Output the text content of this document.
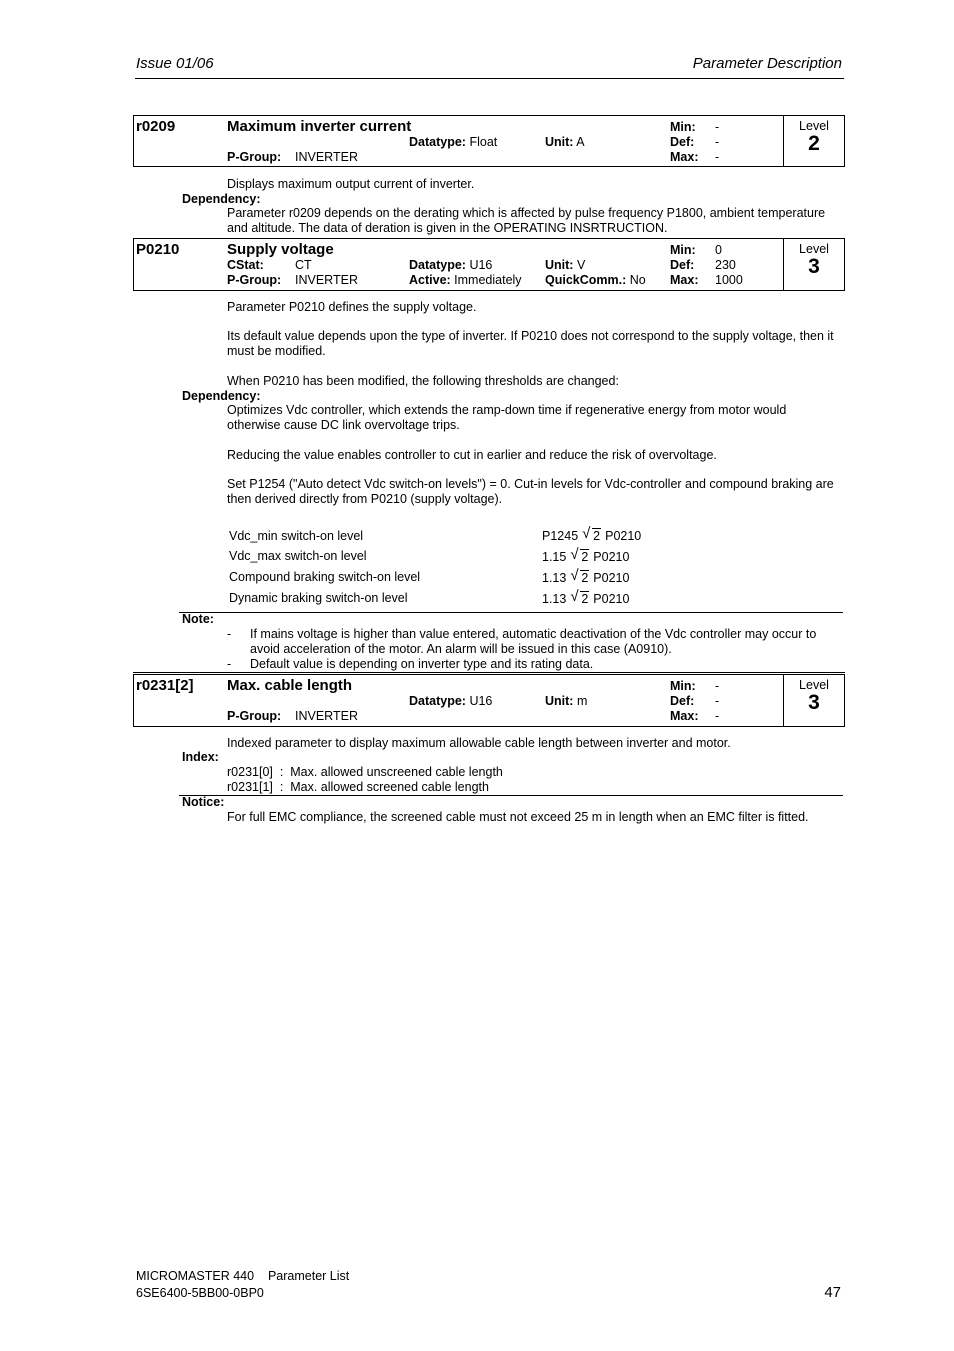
Issue 01/06	Parameter Description
Level
2
r0209	Maximum inverter current
Datatype: Float	Unit: A
Min: -
Def: -
Max: -
P-Group: INVERTER
Displays maximum output current of inverter.
Dependency:
Parameter r0209 depends on the derating which is affected by pulse frequency P1800, ambient temperature and altitude. The data of deration is given in the OPERATING INSRTRUCTION.
Level
3
P0210	Supply voltage
CStat: CT	Datatype: U16	Unit: V
Min: 0
Def: 230
Max: 1000
P-Group: INVERTER	Active: Immediately QuickComm.: No
Parameter P0210 defines the supply voltage.
Its default value depends upon the type of inverter. If P0210 does not correspond to the supply voltage, then it must be modified.
When P0210 has been modified, the following thresholds are changed:
Dependency:
Optimizes Vdc controller, which extends the ramp-down time if regenerative energy from motor would otherwise cause DC link overvoltage trips.
Reducing the value enables controller to cut in earlier and reduce the risk of overvoltage.
Set P1254 ("Auto detect Vdc switch-on levels") = 0. Cut-in levels for Vdc-controller and compound braking are then derived directly from P0210 (supply voltage).
Vdc_min switch-on level	P1245 √ 2 P0210
Vdc_max switch-on level	1.15 √ 2 P0210
Compound braking switch-on level	1.13 √ 2 P0210
Dynamic braking switch-on level	1.13 √ 2 P0210
Note:
- If mains voltage is higher than value entered, automatic deactivation of the Vdc controller may occur to avoid acceleration of the motor. An alarm will be issued in this case (A0910).
- Default value is depending on inverter type and its rating data.
Level
3
r0231[2] Max. cable length
Datatype: U16	Unit: m
Min: -
Def: -
Max: -
P-Group: INVERTER
Indexed parameter to display maximum allowable cable length between inverter and motor.
Index:
r0231[0]  :  Max. allowed unscreened cable length
r0231[1]  :  Max. allowed screened cable length
Notice:
For full EMC compliance, the screened cable must not exceed 25 m in length when an EMC filter is fitted.
MICROMASTER 440    Parameter List
6SE6400-5BB00-0BP0	47
